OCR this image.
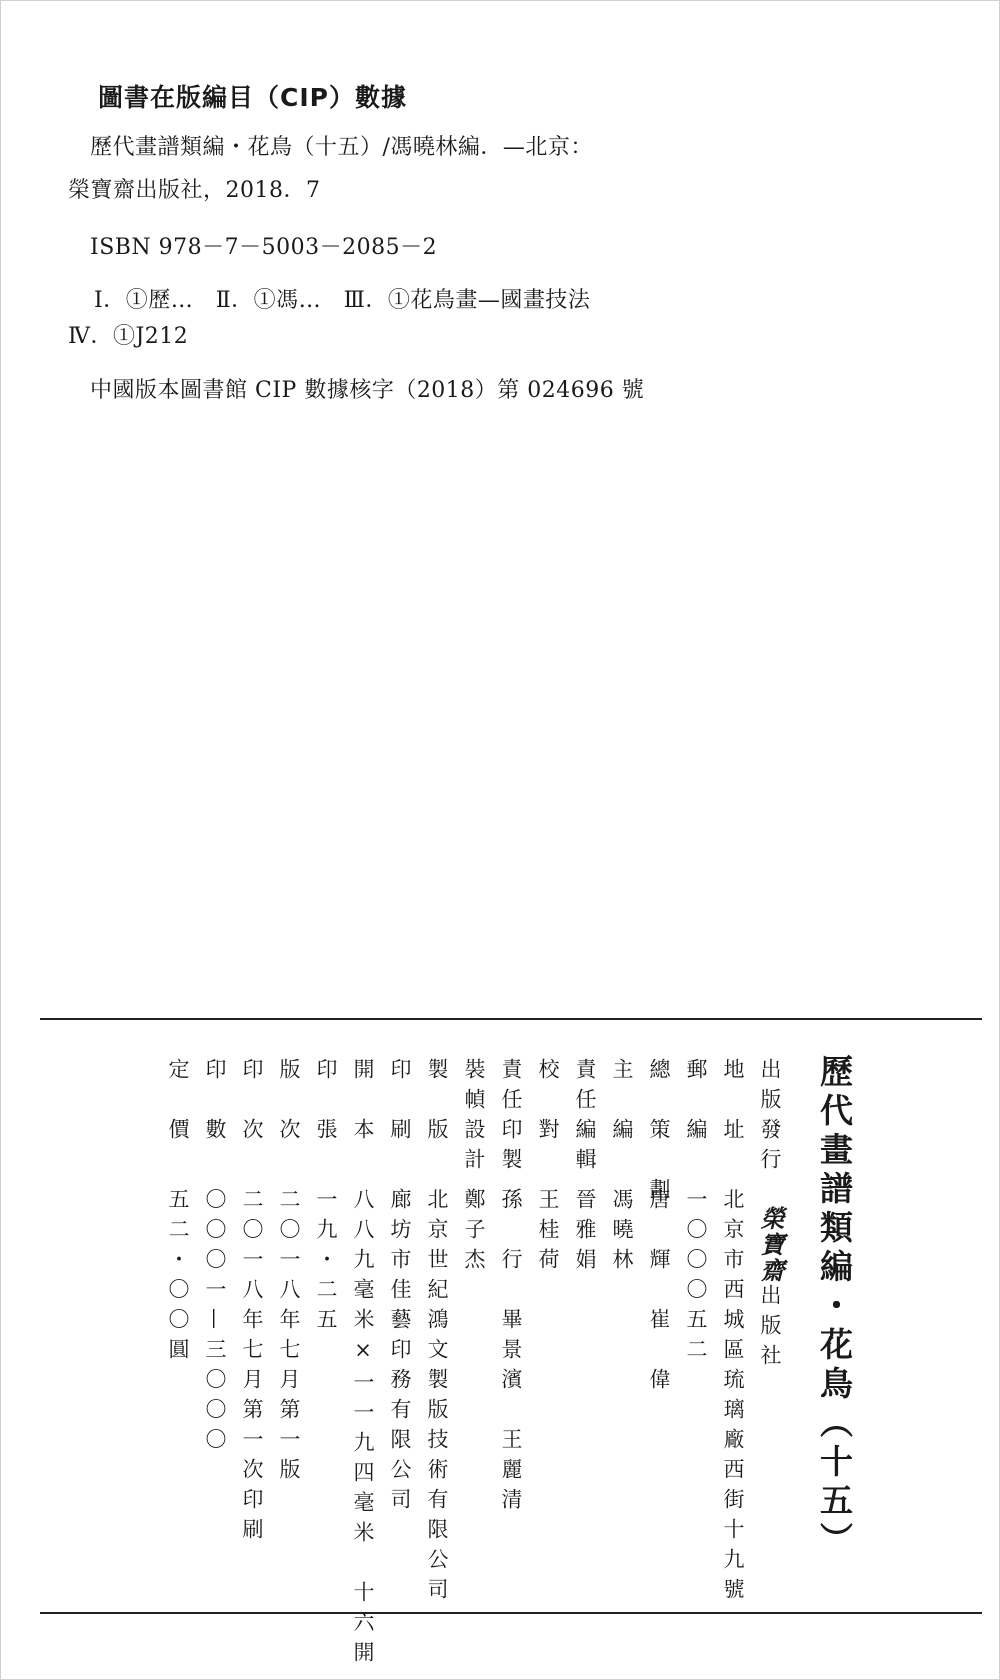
圖書在版編目（CIP）數據
歷代畫譜類編・花鳥（十五）/馮曉林編．—北京：
榮寶齋出版社，2018．7
ISBN 978－7－5003－2085－2
Ⅰ．①歷…　Ⅱ．①馮…　Ⅲ．①花鳥畫—國畫技法
Ⅳ．①J212
中國版本圖書館 CIP 數據核字（2018）第 024696 號
歷代畫譜類編・花鳥（十五）
出版發行榮寶齋出版社
地　址北京市西城區琉璃廠西街十九號
郵　編一〇〇〇五二
總　策　劃唐　輝　崔　偉
主　編馮曉林
責任編輯晉雅娟
校　對王桂荷
責任印製孫　行　畢景濱　王麗清
裝幀設計鄭子杰
製　版北京世紀鴻文製版技術有限公司
印　刷廊坊市佳藝印務有限公司
開　本八八九毫米×一一九四毫米　十六開
印　張一九・二五
版　次二〇一八年七月第一版
印　次二〇一八年七月第一次印刷
印　數〇〇〇一—三〇〇〇
定　價五二・〇〇圓
